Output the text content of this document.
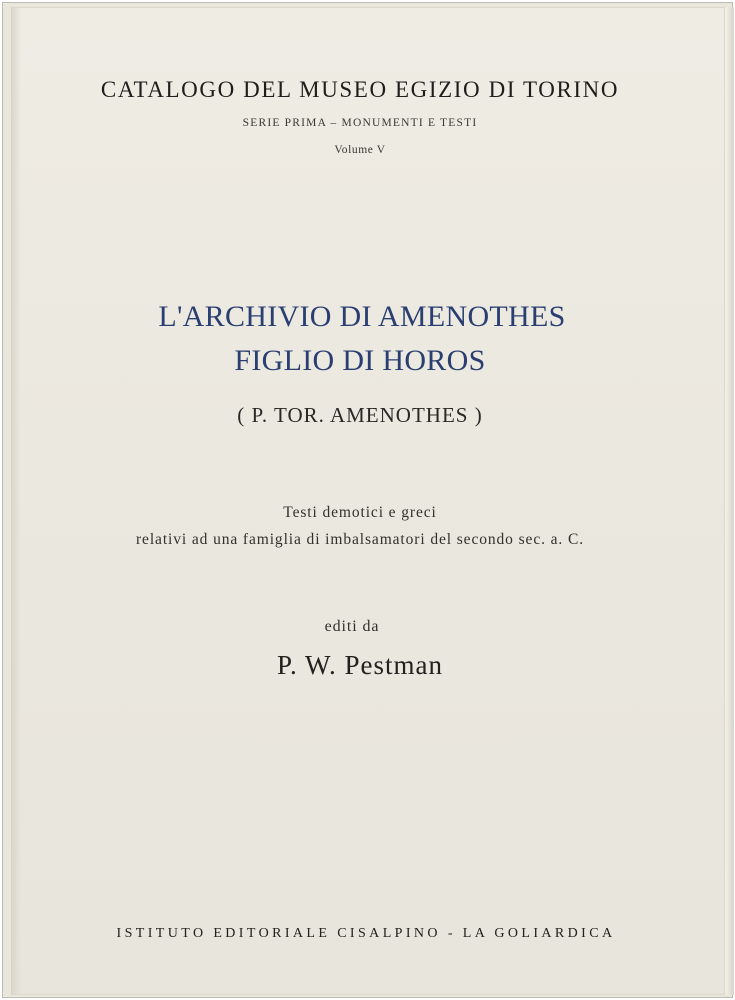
CATALOGO DEL MUSEO EGIZIO DI TORINO
SERIE PRIMA – MONUMENTI E TESTI
Volume V
L'ARCHIVIO DI AMENOTHES
FIGLIO DI HOROS
( P. TOR. AMENOTHES )
Testi demotici e greci
relativi ad una famiglia di imbalsamatori del secondo sec. a. C.
editi da
P. W. Pestman
ISTITUTO EDITORIALE CISALPINO - LA GOLIARDICA
